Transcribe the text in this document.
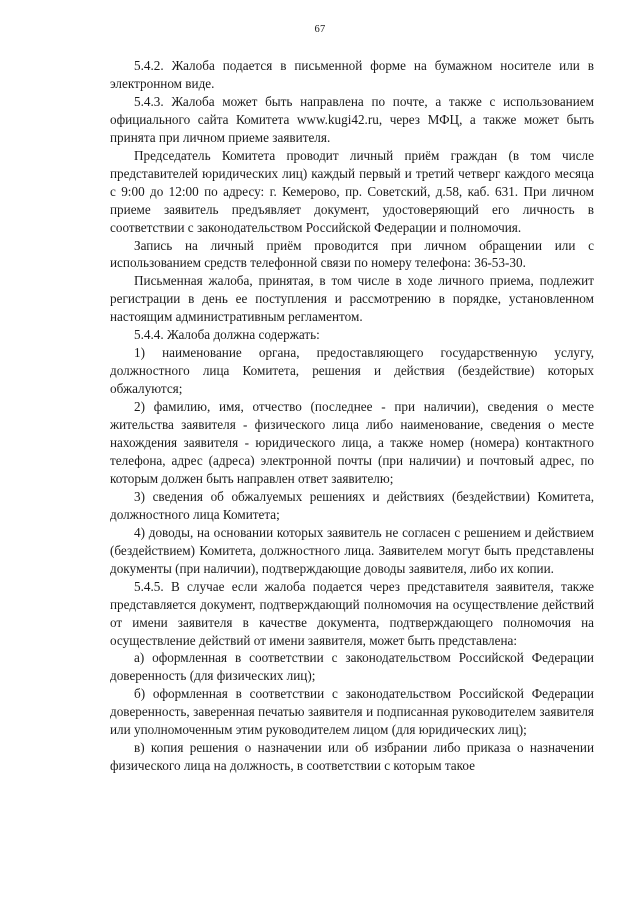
67

5.4.2. Жалоба подается в письменной форме на бумажном носителе или в электронном виде.

5.4.3. Жалоба может быть направлена по почте, а также с использованием официального сайта Комитета www.kugi42.ru, через МФЦ, а также может быть принята при личном приеме заявителя.

Председатель Комитета проводит личный приём граждан (в том числе представителей юридических лиц) каждый первый и третий четверг каждого месяца с 9:00 до 12:00 по адресу: г. Кемерово, пр. Советский, д.58, каб. 631. При личном приеме заявитель предъявляет документ, удостоверяющий его личность в соответствии с законодательством Российской Федерации и полномочия.

Запись на личный приём проводится при личном обращении или с использованием средств телефонной связи по номеру телефона: 36-53-30.

Письменная жалоба, принятая, в том числе в ходе личного приема, подлежит регистрации в день ее поступления и рассмотрению в порядке, установленном настоящим административным регламентом.

5.4.4. Жалоба должна содержать:

1) наименование органа, предоставляющего государственную услугу, должностного лица Комитета, решения и действия (бездействие) которых обжалуются;

2) фамилию, имя, отчество (последнее - при наличии), сведения о месте жительства заявителя - физического лица либо наименование, сведения о месте нахождения заявителя - юридического лица, а также номер (номера) контактного телефона, адрес (адреса) электронной почты (при наличии) и почтовый адрес, по которым должен быть направлен ответ заявителю;

3) сведения об обжалуемых решениях и действиях (бездействии) Комитета, должностного лица Комитета;

4) доводы, на основании которых заявитель не согласен с решением и действием (бездействием) Комитета, должностного лица. Заявителем могут быть представлены документы (при наличии), подтверждающие доводы заявителя, либо их копии.

5.4.5. В случае если жалоба подается через представителя заявителя, также представляется документ, подтверждающий полномочия на осуществление действий от имени заявителя в качестве документа, подтверждающего полномочия на осуществление действий от имени заявителя, может быть представлена:

а) оформленная в соответствии с законодательством Российской Федерации доверенность (для физических лиц);

б) оформленная в соответствии с законодательством Российской Федерации доверенность, заверенная печатью заявителя и подписанная руководителем заявителя или уполномоченным этим руководителем лицом (для юридических лиц);

в) копия решения о назначении или об избрании либо приказа о назначении физического лица на должность, в соответствии с которым такое
